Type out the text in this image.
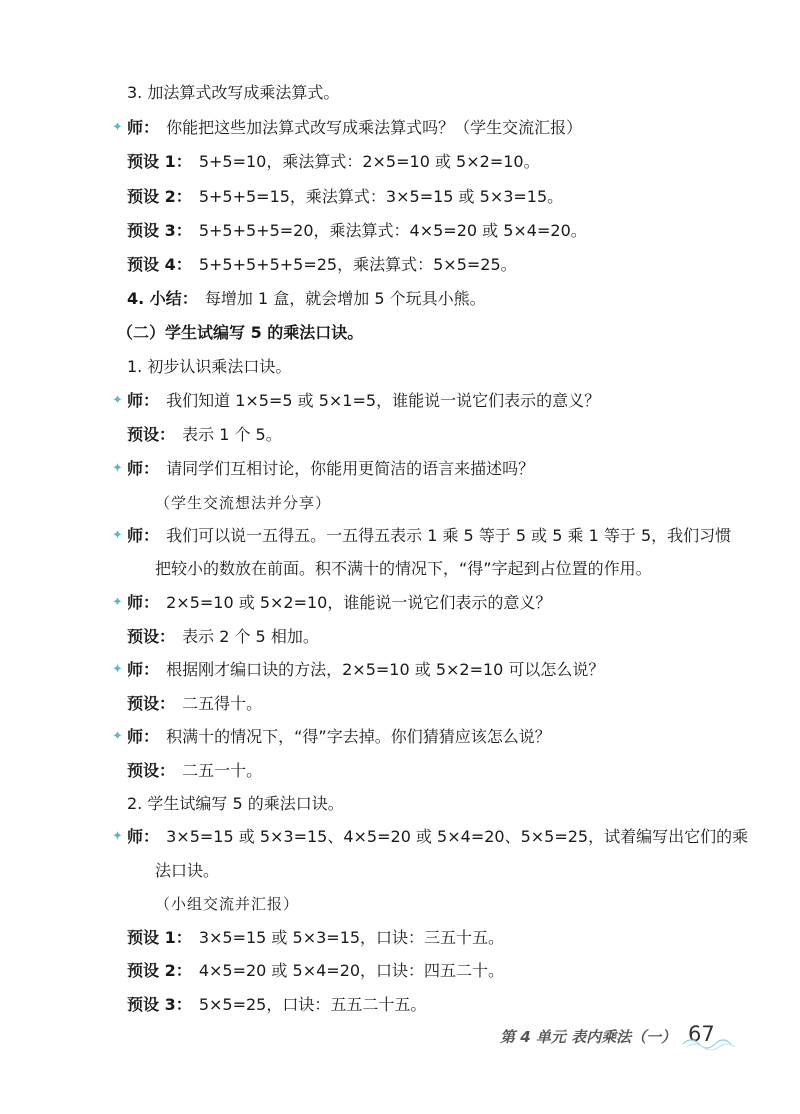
3. 加法算式改写成乘法算式。
✦ 师： 你能把这些加法算式改写成乘法算式吗？（学生交流汇报）
预设 1： 5+5=10，乘法算式：2×5=10 或 5×2=10。
预设 2： 5+5+5=15，乘法算式：3×5=15 或 5×3=15。
预设 3： 5+5+5+5=20，乘法算式：4×5=20 或 5×4=20。
预设 4： 5+5+5+5+5=25，乘法算式：5×5=25。
4. 小结： 每增加 1 盒，就会增加 5 个玩具小熊。
（二）学生试编写 5 的乘法口诀。
1. 初步认识乘法口诀。
✦ 师： 我们知道 1×5=5 或 5×1=5，谁能说一说它们表示的意义？
预设： 表示 1 个 5。
✦ 师： 请同学们互相讨论，你能用更简洁的语言来描述吗？
（学生交流想法并分享）
✦ 师： 我们可以说一五得五。一五得五表示 1 乘 5 等于 5 或 5 乘 1 等于 5，我们习惯
把较小的数放在前面。积不满十的情况下，“得”字起到占位置的作用。
✦ 师： 2×5=10 或 5×2=10，谁能说一说它们表示的意义？
预设： 表示 2 个 5 相加。
✦ 师： 根据刚才编口诀的方法，2×5=10 或 5×2=10 可以怎么说？
预设： 二五得十。
✦ 师： 积满十的情况下，“得”字去掉。你们猜猜应该怎么说？
预设： 二五一十。
2. 学生试编写 5 的乘法口诀。
✦ 师： 3×5=15 或 5×3=15、4×5=20 或 5×4=20、5×5=25，试着编写出它们的乘
法口诀。
（小组交流并汇报）
预设 1： 3×5=15 或 5×3=15，口诀：三五十五。
预设 2： 4×5=20 或 5×4=20，口诀：四五二十。
预设 3： 5×5=25，口诀：五五二十五。
第 4 单元 表内乘法（一） 67
